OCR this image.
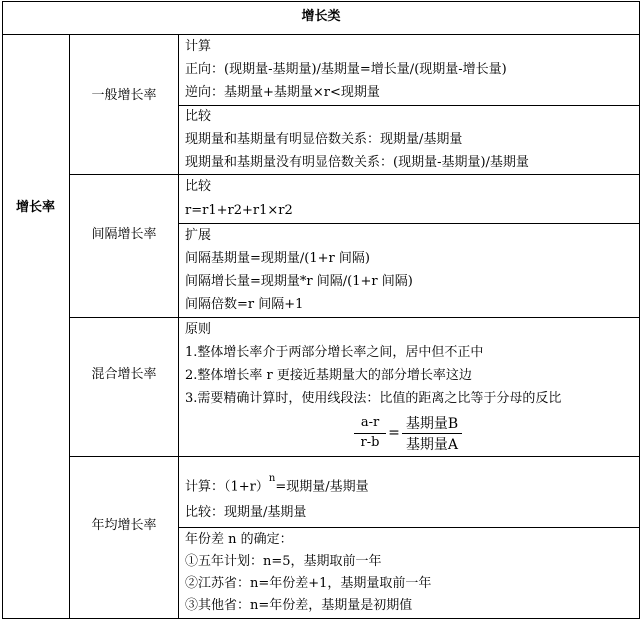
增长类
增长率
一般增长率
间隔增长率
混合增长率
年均增长率
计算
正向：(现期量-基期量)/基期量=增长量/(现期量-增长量)
逆向：基期量+基期量×r<现期量
比较
现期量和基期量有明显倍数关系：现期量/基期量
现期量和基期量没有明显倍数关系：(现期量-基期量)/基期量
比较
r=r1+r2+r1×r2
扩展
间隔基期量=现期量/(1+r 间隔)
间隔增长量=现期量*r 间隔/(1+r 间隔)
间隔倍数=r 间隔+1
原则
1.整体增长率介于两部分增长率之间，居中但不正中
2.整体增长率 r 更接近基期量大的部分增长率这边
3.需要精确计算时，使用线段法：比值的距离之比等于分母的反比
a-r
r-b
=
基期量B
基期量A
计算：$(1+r)^n=$现期量/基期量
比较：现期量/基期量
年份差 n 的确定：
①五年计划：n=5，基期取前一年
②江苏省：n=年份差+1，基期量取前一年
③其他省：n=年份差，基期量是初期值
